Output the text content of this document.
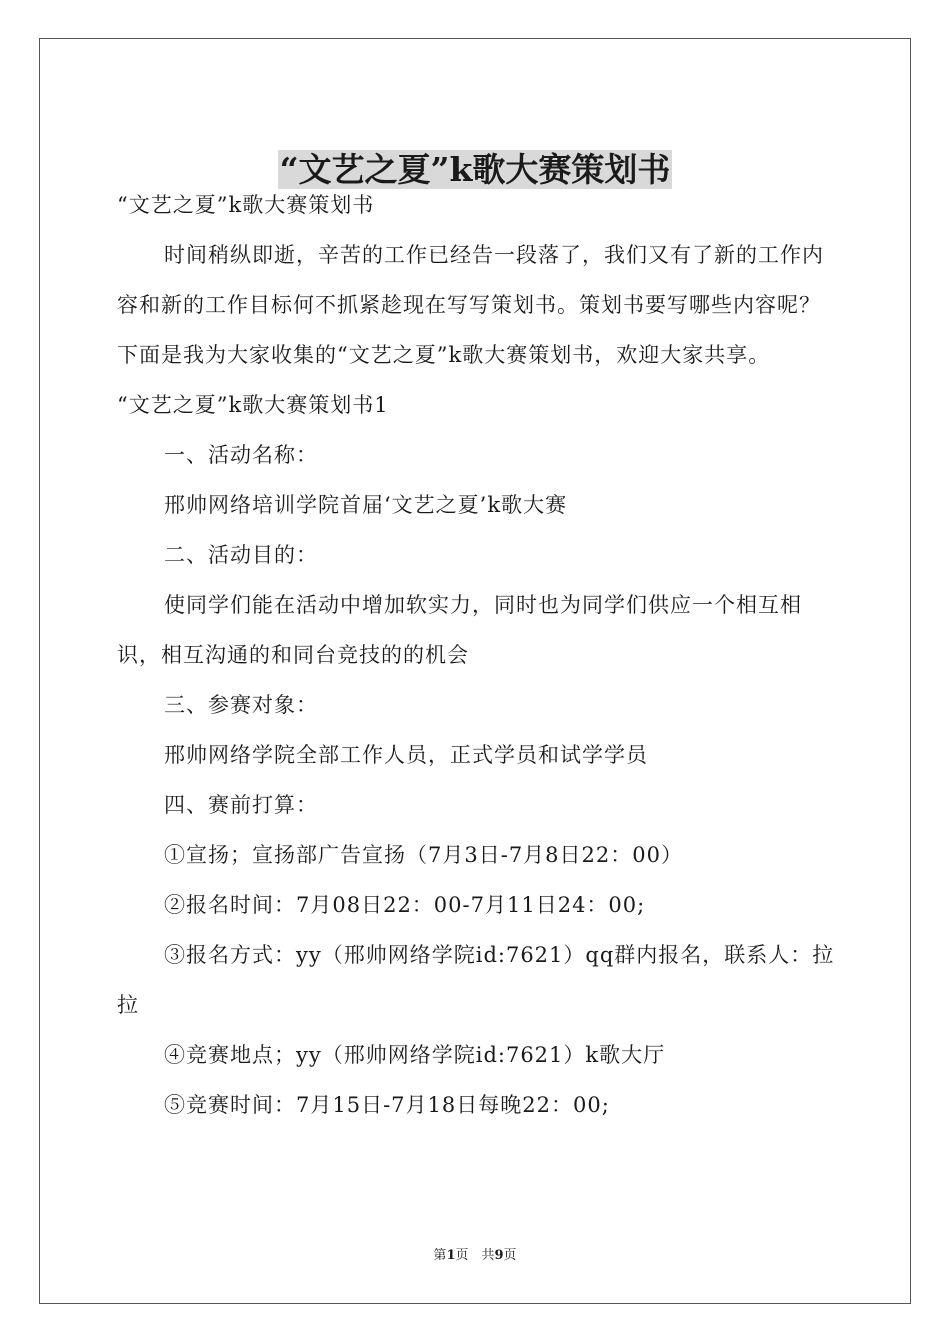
“文艺之夏”k歌大赛策划书

“文艺之夏”k歌大赛策划书

时间稍纵即逝，辛苦的工作已经告一段落了，我们又有了新的工作内容和新的工作目标何不抓紧趁现在写写策划书。策划书要写哪些内容呢？下面是我为大家收集的“文艺之夏”k歌大赛策划书，欢迎大家共享。

“文艺之夏”k歌大赛策划书1

一、活动名称：

邢帅网络培训学院首届‘文艺之夏’k歌大赛

二、活动目的：

使同学们能在活动中增加软实力，同时也为同学们供应一个相互相识，相互沟通的和同台竞技的的机会

三、参赛对象：

邢帅网络学院全部工作人员，正式学员和试学学员

四、赛前打算：

①宣扬；宣扬部广告宣扬（7月3日-7月8日22：00）

②报名时间：7月08日22：00-7月11日24：00;

③报名方式：yy（邢帅网络学院id:7621）qq群内报名，联系人：拉拉

④竞赛地点；yy（邢帅网络学院id:7621）k歌大厅

⑤竞赛时间：7月15日-7月18日每晚22：00;

第1页　共9页
